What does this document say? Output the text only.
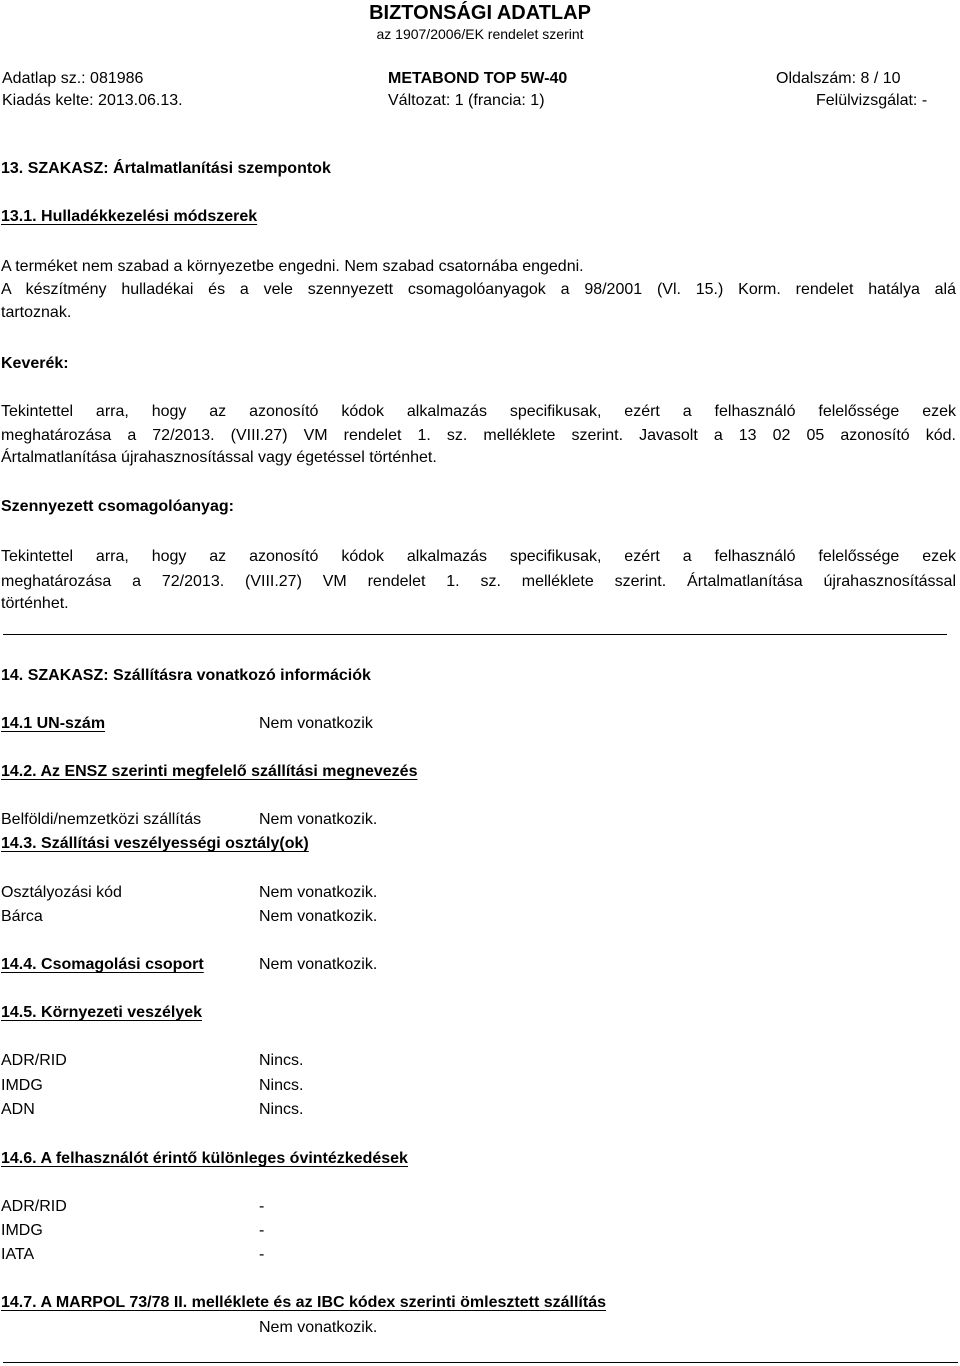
BIZTONSÁGI ADATLAP
az 1907/2006/EK rendelet szerint
Adatlap sz.: 081986	METABOND TOP 5W-40	Oldalszám: 8 / 10
Kiadás kelte: 2013.06.13.	Változat: 1 (francia: 1)	Felülvizsgálat: -
13. SZAKASZ: Ártalmatlanítási szempontok
13.1. Hulladékkezelési módszerek
A terméket nem szabad a környezetbe engedni. Nem szabad csatornába engedni.
A készítmény hulladékai és a vele szennyezett csomagolóanyagok a 98/2001 (Vl. 15.) Korm. rendelet hatálya alá
tartoznak.
Keverék:
Tekintettel arra, hogy az azonosító kódok alkalmazás specifikusak, ezért a felhasználó felelőssége ezek
meghatározása a 72/2013. (VIII.27) VM rendelet 1. sz. melléklete szerint. Javasolt a 13 02 05 azonosító kód.
Ártalmatlanítása újrahasznosítással vagy égetéssel történhet.
Szennyezett csomagolóanyag:
Tekintettel arra, hogy az azonosító kódok alkalmazás specifikusak, ezért a felhasználó felelőssége ezek
meghatározása a 72/2013. (VIII.27) VM rendelet 1. sz. melléklete szerint. Ártalmatlanítása újrahasznosítással
történhet.
14. SZAKASZ: Szállításra vonatkozó információk
14.1 UN-szám	Nem vonatkozik
14.2. Az ENSZ szerinti megfelelő szállítási megnevezés
Belföldi/nemzetközi szállítás	Nem vonatkozik.
14.3. Szállítási veszélyességi osztály(ok)
Osztályozási kód	Nem vonatkozik.
Bárca	Nem vonatkozik.
14.4. Csomagolási csoport	Nem vonatkozik.
14.5. Környezeti veszélyek
ADR/RID	Nincs.
IMDG	Nincs.
ADN	Nincs.
14.6. A felhasználót érintő különleges óvintézkedések
ADR/RID	-
IMDG	-
IATA	-
14.7. A MARPOL 73/78 II. melléklete és az IBC kódex szerinti ömlesztett szállítás
Nem vonatkozik.
